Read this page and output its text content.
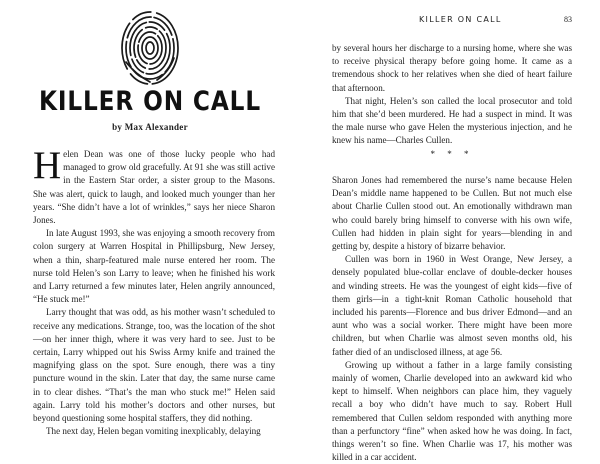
KILLER ON CALL
by Max Alexander

Helen Dean was one of those lucky people who had managed to grow old gracefully. At 91 she was still active in the Eastern Star order, a sister group to the Masons. She was alert, quick to laugh, and looked much younger than her years. “She didn’t have a lot of wrinkles,” says her niece Sharon Jones.

In late August 1993, she was enjoying a smooth recovery from colon surgery at Warren Hospital in Phillipsburg, New Jersey, when a thin, sharp-featured male nurse entered her room. The nurse told Helen’s son Larry to leave; when he finished his work and Larry returned a few minutes later, Helen angrily announced, “He stuck me!”

Larry thought that was odd, as his mother wasn’t scheduled to receive any medications. Strange, too, was the location of the shot—on her inner thigh, where it was very hard to see. Just to be certain, Larry whipped out his Swiss Army knife and trained the magnifying glass on the spot. Sure enough, there was a tiny puncture wound in the skin. Later that day, the same nurse came in to clear dishes. “That’s the man who stuck me!” Helen said again. Larry told his mother’s doctors and other nurses, but beyond questioning some hospital staffers, they did nothing.

The next day, Helen began vomiting inexplicably, delaying

KILLER ON CALL	83

by several hours her discharge to a nursing home, where she was to receive physical therapy before going home. It came as a tremendous shock to her relatives when she died of heart failure that afternoon.

That night, Helen’s son called the local prosecutor and told him that she’d been murdered. He had a suspect in mind. It was the male nurse who gave Helen the mysterious injection, and he knew his name—Charles Cullen.

* * *

Sharon Jones had remembered the nurse’s name because Helen Dean’s middle name happened to be Cullen. But not much else about Charlie Cullen stood out. An emotionally withdrawn man who could barely bring himself to converse with his own wife, Cullen had hidden in plain sight for years—blending in and getting by, despite a history of bizarre behavior.

Cullen was born in 1960 in West Orange, New Jersey, a densely populated blue-collar enclave of double-decker houses and winding streets. He was the youngest of eight kids—five of them girls—in a tight-knit Roman Catholic household that included his parents—Florence and bus driver Edmond—and an aunt who was a social worker. There might have been more children, but when Charlie was almost seven months old, his father died of an undisclosed illness, at age 56.

Growing up without a father in a large family consisting mainly of women, Charlie developed into an awkward kid who kept to himself. When neighbors can place him, they vaguely recall a boy who didn’t have much to say. Robert Hull remembered that Cullen seldom responded with anything more than a perfunctory “fine” when asked how he was doing. In fact, things weren’t so fine. When Charlie was 17, his mother was killed in a car accident.
